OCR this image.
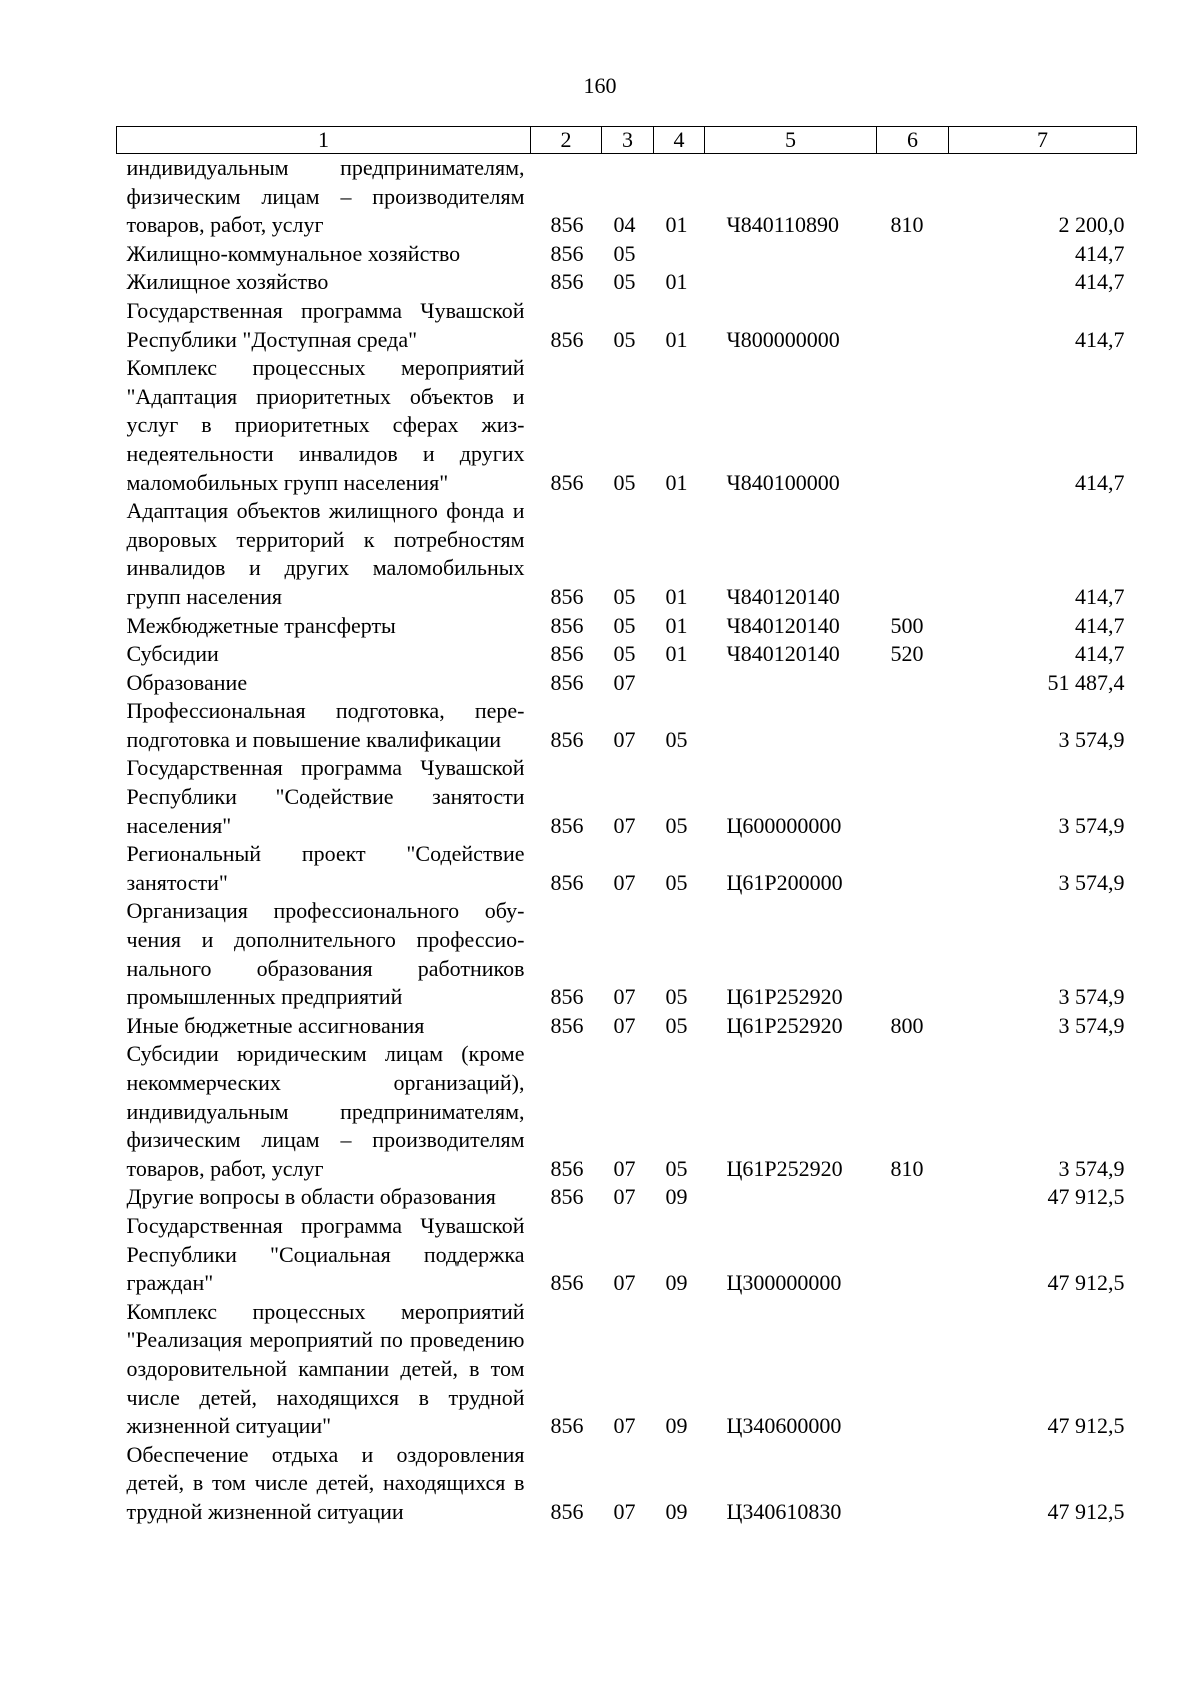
160
1	2	3	4	5	6	7
индивидуальным предпринимателям, физическим лицам – производителям товаров, работ, услуг	856	04	01	Ч840110890	810	2 200,0
Жилищно-коммунальное хозяйство	856	05				414,7
Жилищное хозяйство	856	05	01			414,7
Государственная программа Чувашской Республики "Доступная среда"	856	05	01	Ч800000000		414,7
Комплекс процессных мероприятий "Адаптация приоритетных объектов и услуг в приоритетных сферах жизнедеятельности инвалидов и других маломобильных групп населения"	856	05	01	Ч840100000		414,7
Адаптация объектов жилищного фонда и дворовых территорий к потребностям инвалидов и других маломобильных групп населения	856	05	01	Ч840120140		414,7
Межбюджетные трансферты	856	05	01	Ч840120140	500	414,7
Субсидии	856	05	01	Ч840120140	520	414,7
Образование	856	07				51 487,4
Профессиональная подготовка, переподготовка и повышение квалификации	856	07	05			3 574,9
Государственная программа Чувашской Республики "Содействие занятости населения"	856	07	05	Ц600000000		3 574,9
Региональный проект "Содействие занятости"	856	07	05	Ц61Р200000		3 574,9
Организация профессионального обучения и дополнительного профессионального образования работников промышленных предприятий	856	07	05	Ц61Р252920		3 574,9
Иные бюджетные ассигнования	856	07	05	Ц61Р252920	800	3 574,9
Субсидии юридическим лицам (кроме некоммерческих организаций), индивидуальным предпринимателям, физическим лицам – производителям товаров, работ, услуг	856	07	05	Ц61Р252920	810	3 574,9
Другие вопросы в области образования	856	07	09			47 912,5
Государственная программа Чувашской Республики "Социальная поддержка граждан"	856	07	09	Ц300000000		47 912,5
Комплекс процессных мероприятий "Реализация мероприятий по проведению оздоровительной кампании детей, в том числе детей, находящихся в трудной жизненной ситуации"	856	07	09	Ц340600000		47 912,5
Обеспечение отдыха и оздоровления детей, в том числе детей, находящихся в трудной жизненной ситуации	856	07	09	Ц340610830		47 912,5
